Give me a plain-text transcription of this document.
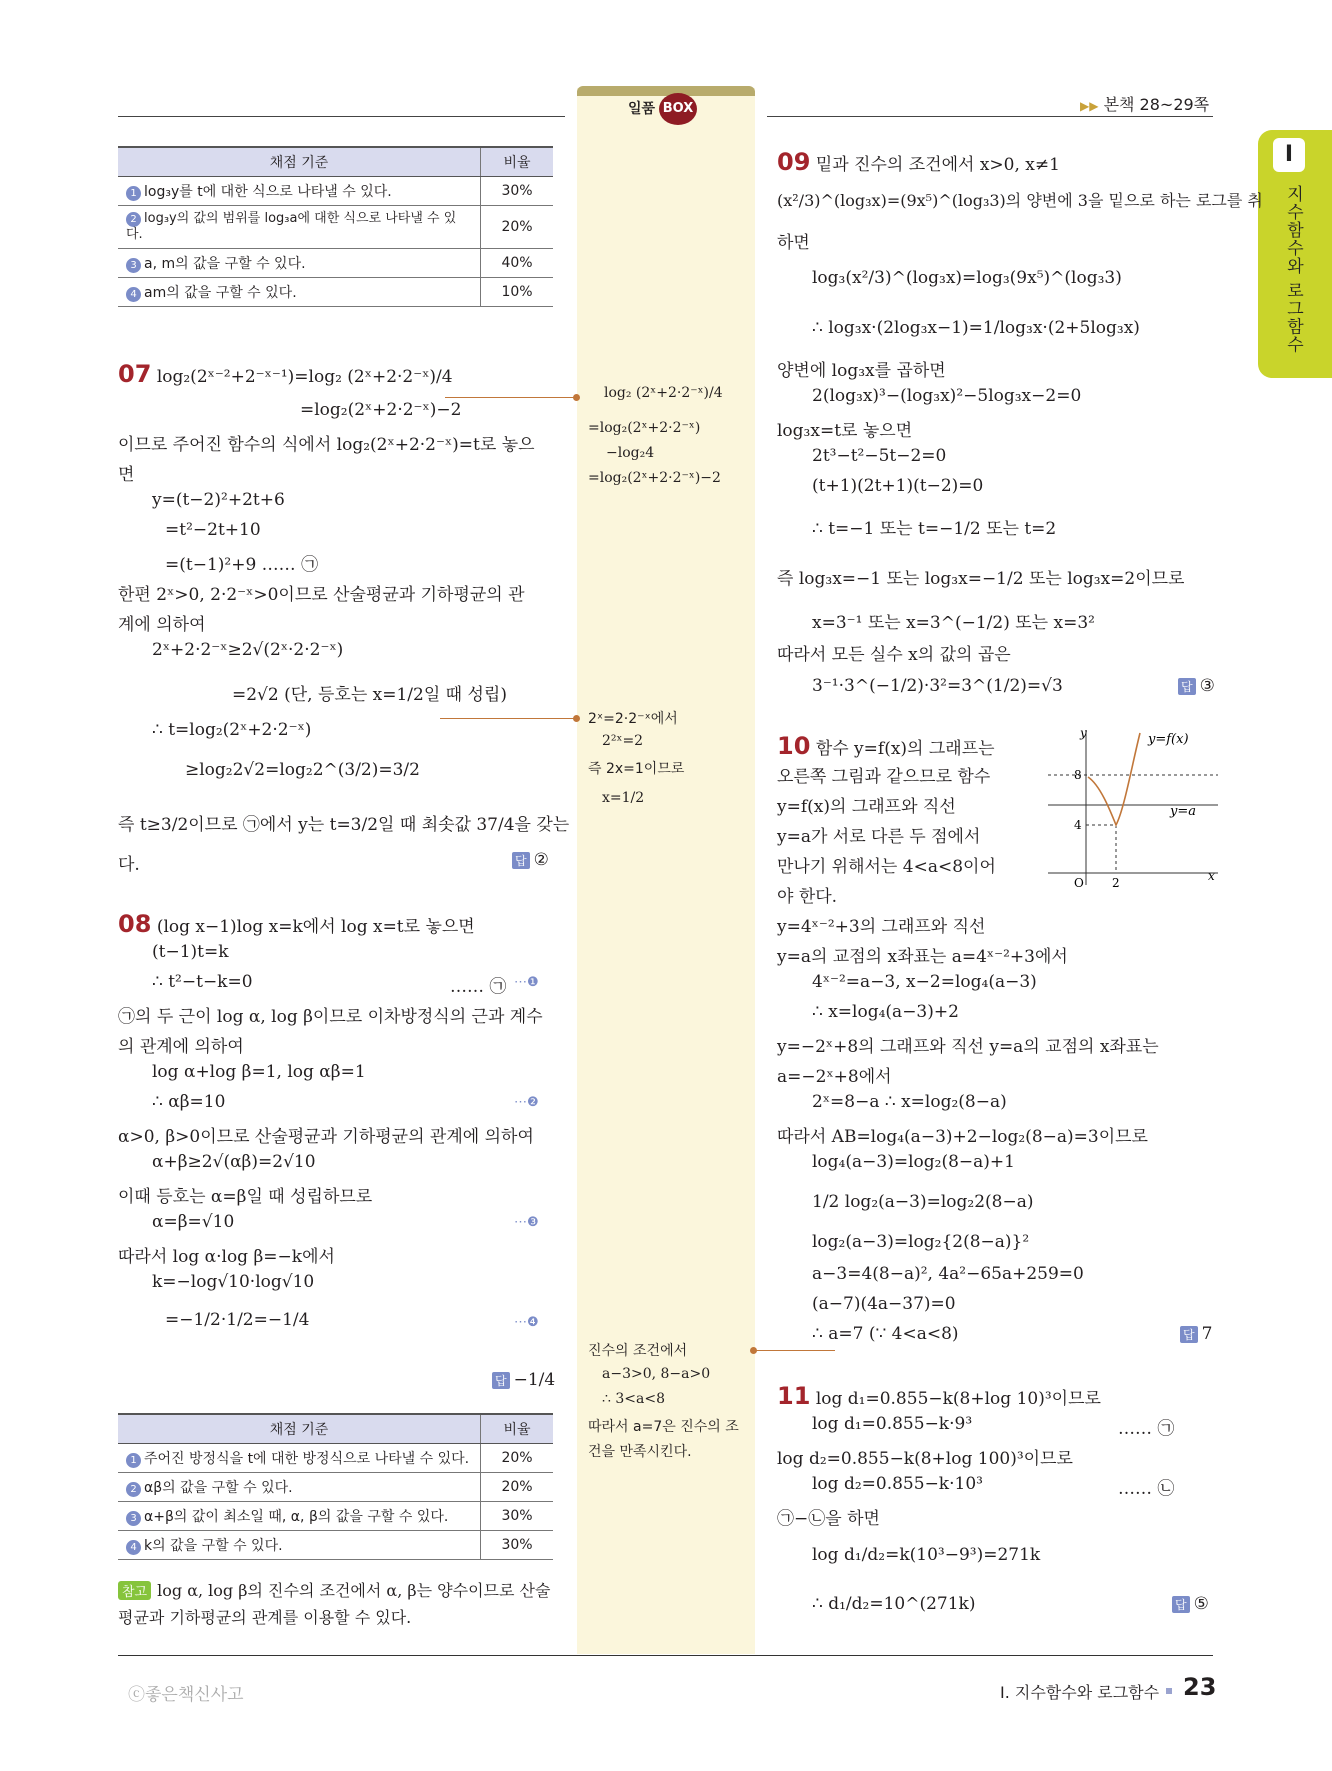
일품 BOX	▶▶ 본책 28~29쪽
I
지수함수와 로그함수
채점 기준	비율
1 log₃y를 t에 대한 식으로 나타낼 수 있다.	30%
2 log₃y의 값의 범위를 log₃a에 대한 식으로 나타낼 수 있다.	20%
3 a, m의 값을 구할 수 있다.	40%
4 am의 값을 구할 수 있다.	10%
07 log₂(2ˣ⁻²+2⁻ˣ⁻¹)=log₂ (2ˣ+2·2⁻ˣ)/4
=log₂(2ˣ+2·2⁻ˣ)−2
이므로 주어진 함수의 식에서 log₂(2ˣ+2·2⁻ˣ)=t로 놓으
면
y=(t−2)²+2t+6
=t²−2t+10
=(t−1)²+9 …… ㉠
한편 2ˣ>0, 2·2⁻ˣ>0이므로 산술평균과 기하평균의 관
계에 의하여
2ˣ+2·2⁻ˣ≥2√(2ˣ·2·2⁻ˣ)
=2√2 (단, 등호는 x=1/2일 때 성립)
∴ t=log₂(2ˣ+2·2⁻ˣ)
≥log₂2√2=log₂2^(3/2)=3/2
즉 t≥3/2이므로 ㉠에서 y는 t=3/2일 때 최솟값 37/4을 갖는
다.	답 ②
08 (log x−1)log x=k에서 log x=t로 놓으면
(t−1)t=k
∴ t²−t−k=0	…… ㉠ ⋯❶
㉠의 두 근이 log α, log β이므로 이차방정식의 근과 계수
의 관계에 의하여
log α+log β=1, log αβ=1
∴ αβ=10	⋯❷
α>0, β>0이므로 산술평균과 기하평균의 관계에 의하여
α+β≥2√(αβ)=2√10
이때 등호는 α=β일 때 성립하므로
α=β=√10	⋯❸
따라서 log α·log β=−k에서
k=−log√10·log√10
=−1/2·1/2=−1/4	⋯❹
답 −1/4
채점 기준	비율
1 주어진 방정식을 t에 대한 방정식으로 나타낼 수 있다.	20%
2 αβ의 값을 구할 수 있다.	20%
3 α+β의 값이 최소일 때, α, β의 값을 구할 수 있다.	30%
4 k의 값을 구할 수 있다.	30%
참고 log α, log β의 진수의 조건에서 α, β는 양수이므로 산술
평균과 기하평균의 관계를 이용할 수 있다.
log₂ (2ˣ+2·2⁻ˣ)/4
=log₂(2ˣ+2·2⁻ˣ)
−log₂4
=log₂(2ˣ+2·2⁻ˣ)−2
2ˣ=2·2⁻ˣ에서
2²ˣ=2
즉 2x=1이므로
x=1/2
진수의 조건에서
a−3>0, 8−a>0
∴ 3<a<8
따라서 a=7은 진수의 조
건을 만족시킨다.
09 밑과 진수의 조건에서 x>0, x≠1
(x²/3)^(log₃x)=(9x⁵)^(log₃3)의 양변에 3을 밑으로 하는 로그를 취
하면
log₃(x²/3)^(log₃x)=log₃(9x⁵)^(log₃3)
∴ log₃x·(2log₃x−1)=1/log₃x·(2+5log₃x)
양변에 log₃x를 곱하면
2(log₃x)³−(log₃x)²−5log₃x−2=0
log₃x=t로 놓으면
2t³−t²−5t−2=0
(t+1)(2t+1)(t−2)=0
∴ t=−1 또는 t=−1/2 또는 t=2
즉 log₃x=−1 또는 log₃x=−1/2 또는 log₃x=2이므로
x=3⁻¹ 또는 x=3^(−1/2) 또는 x=3²
따라서 모든 실수 x의 값의 곱은
3⁻¹·3^(−1/2)·3²=3^(1/2)=√3	답 ③
10 함수 y=f(x)의 그래프는
오른쪽 그림과 같으므로 함수
y=f(x)의 그래프와 직선
y=a가 서로 다른 두 점에서
만나기 위해서는 4<a<8이어
야 한다.
y=4ˣ⁻²+3의 그래프와 직선
y=a의 교점의 x좌표는 a=4ˣ⁻²+3에서
4ˣ⁻²=a−3, x−2=log₄(a−3)
∴ x=log₄(a−3)+2
y=−2ˣ+8의 그래프와 직선 y=a의 교점의 x좌표는
a=−2ˣ+8에서
2ˣ=8−a ∴ x=log₂(8−a)
따라서 AB=log₄(a−3)+2−log₂(8−a)=3이므로
log₄(a−3)=log₂(8−a)+1
1/2 log₂(a−3)=log₂2(8−a)
log₂(a−3)=log₂{2(8−a)}²
a−3=4(8−a)², 4a²−65a+259=0
(a−7)(4a−37)=0
∴ a=7 (∵ 4<a<8)	답 7
y
x
O
8
4
2
y=f(x)
y=a
11 log d₁=0.855−k(8+log 10)³이므로
log d₁=0.855−k·9³	…… ㉠
log d₂=0.855−k(8+log 100)³이므로
log d₂=0.855−k·10³	…… ㉡
㉠−㉡을 하면
log d₁/d₂=k(10³−9³)=271k
∴ d₁/d₂=10^(271k)	답 ⑤
ⓒ좋은책신사고	I. 지수함수와 로그함수 23
